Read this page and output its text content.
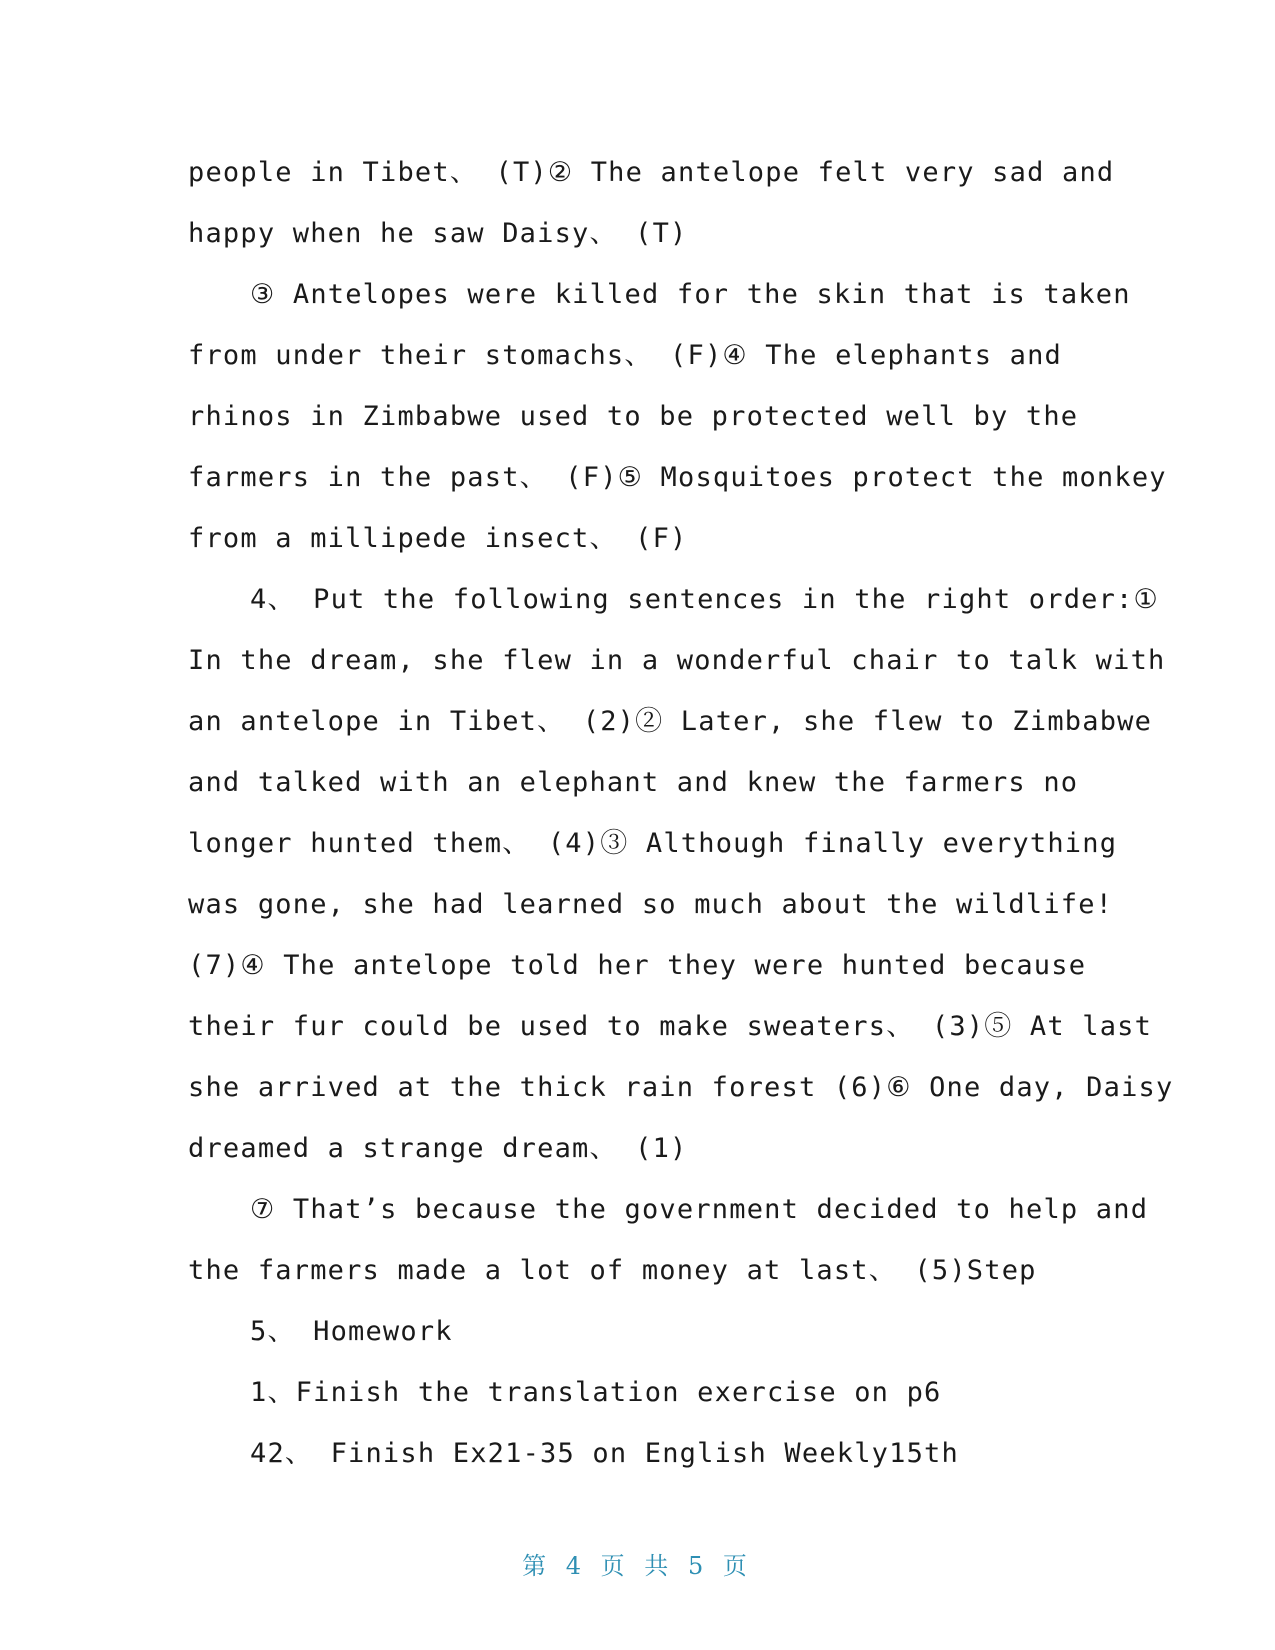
people in Tibet、 (T)② The antelope felt very sad and
happy when he saw Daisy、 (T)
③ Antelopes were killed for the skin that is taken
from under their stomachs、 (F)④ The elephants and
rhinos in Zimbabwe used to be protected well by the
farmers in the past、 (F)⑤ Mosquitoes protect the monkey
from a millipede insect、 (F)
4、 Put the following sentences in the right order:①
In the dream, she flew in a wonderful chair to talk with
an antelope in Tibet、 (2)② Later, she flew to Zimbabwe
and talked with an elephant and knew the farmers no
longer hunted them、 (4)③ Although finally everything
was gone, she had learned so much about the wildlife!
(7)④ The antelope told her they were hunted because
their fur could be used to make sweaters、 (3)⑤ At last
she arrived at the thick rain forest (6)⑥ One day, Daisy
dreamed a strange dream、 (1)
⑦ That’s because the government decided to help and
the farmers made a lot of money at last、 (5)Step
5、 Homework
1、Finish the translation exercise on p6
42、 Finish Ex21-35 on English Weekly15th
第 4 页 共 5 页
